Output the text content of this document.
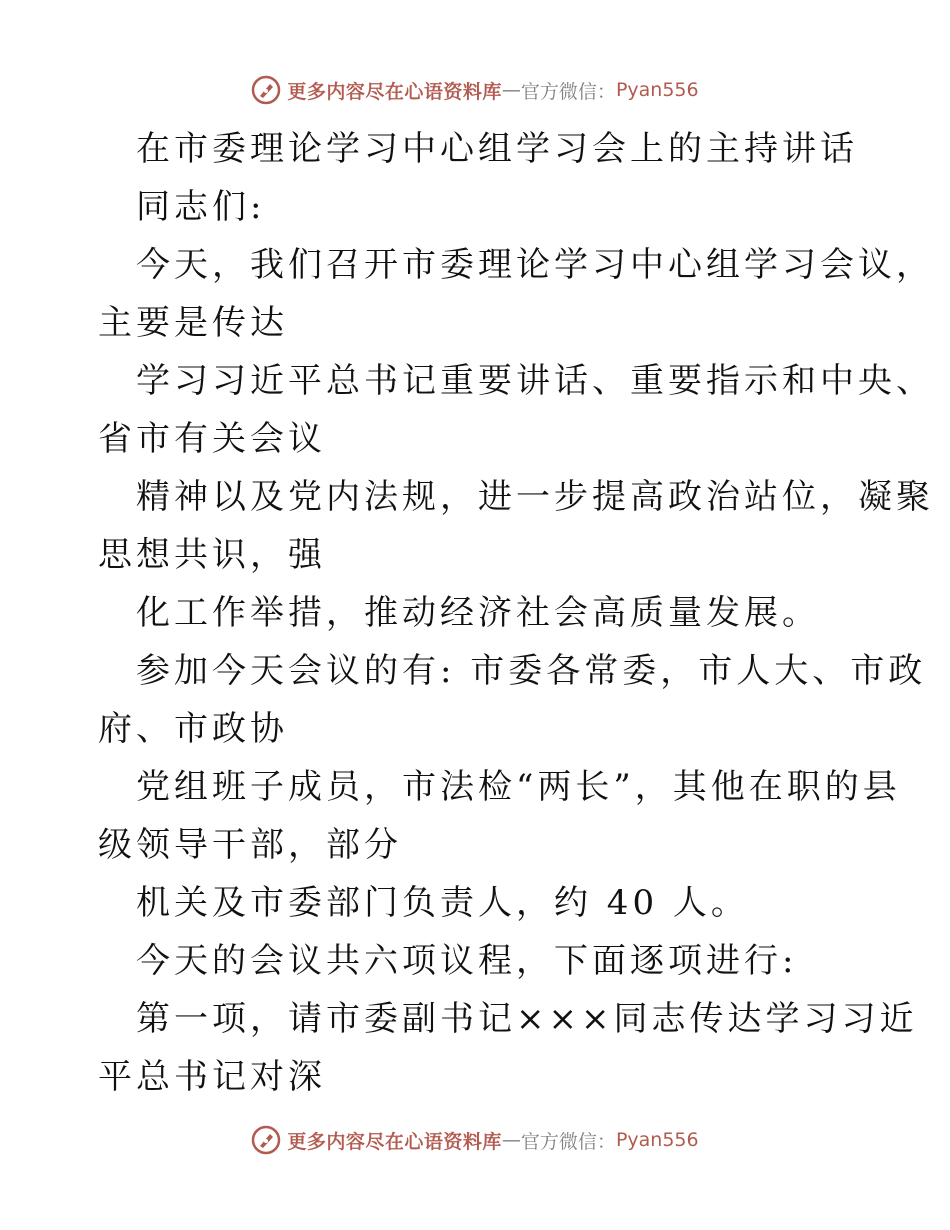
更多内容尽在心语资料库 — 官方微信： Pyan556

在市委理论学习中心组学习会上的主持讲话

同志们:

今天，我们召开市委理论学习中心组学习会议，

主要是传达

学习习近平总书记重要讲话、重要指示和中央、

省市有关会议

精神以及党内法规，进一步提高政治站位，凝聚

思想共识，强

化工作举措，推动经济社会高质量发展。

参加今天会议的有: 市委各常委，市人大、市政

府、市政协

党组班子成员，市法检“两长”，其他在职的县

级领导干部，部分

机关及市委部门负责人，约 40 人。

今天的会议共六项议程，下面逐项进行:

第一项，请市委副书记×××同志传达学习习近

平总书记对深

更多内容尽在心语资料库 — 官方微信： Pyan556
